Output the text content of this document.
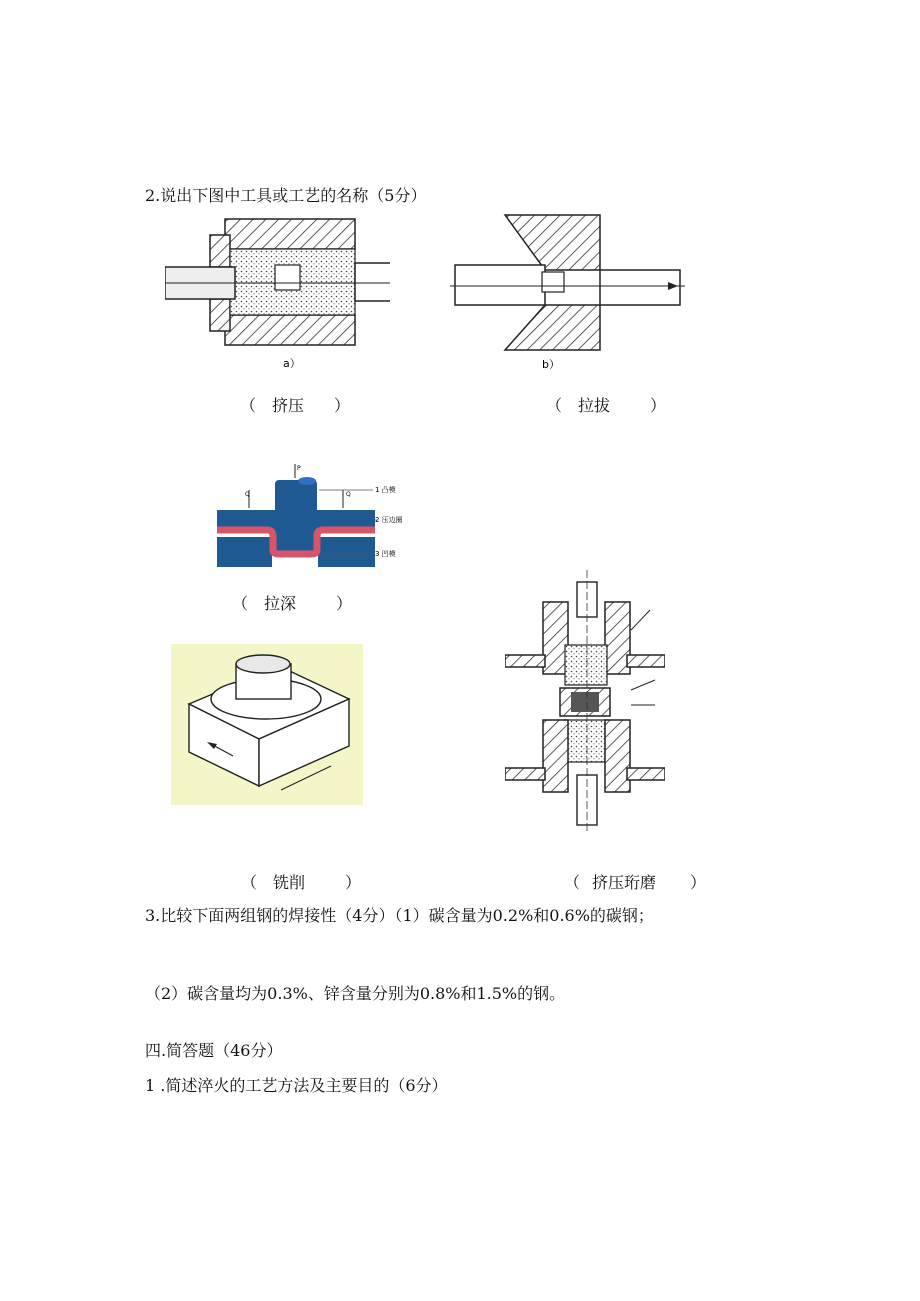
2.说出下图中工具或工艺的名称（5分）
a）	b）
（ 挤压 ）	（ 拉拔	）
P
Q	Q
1 凸模
2 压边圈
3 凹模
（ 拉深	）
（ 铣削	）	（ 挤压珩磨 ）
3.比较下面两组钢的焊接性（4分）（1）碳含量为0.2%和0.6%的碳钢；
（2）碳含量均为0.3%、锌含量分别为0.8%和1.5%的钢。
四.简答题（46分）
1 .简述淬火的工艺方法及主要目的（6分）
